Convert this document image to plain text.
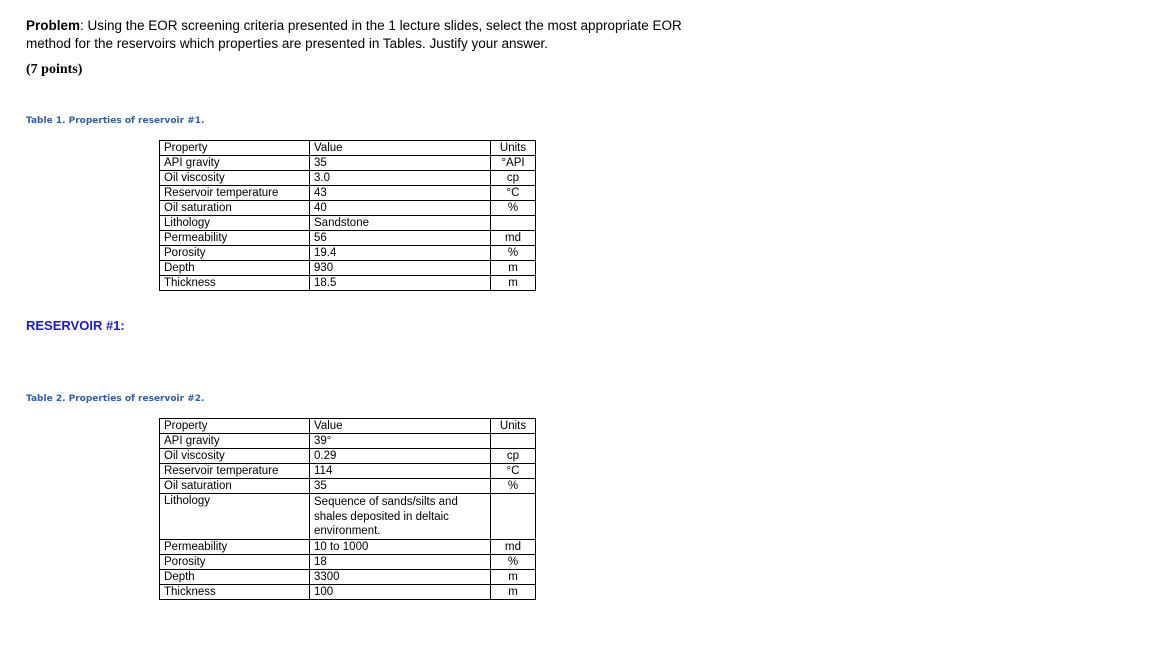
Problem: Using the EOR screening criteria presented in the 1 lecture slides, select the most appropriate EOR method for the reservoirs which properties are presented in Tables. Justify your answer.
(7 points)
Table 1. Properties of reservoir #1.
Property	Value	Units
API gravity	35	°API
Oil viscosity	3.0	cp
Reservoir temperature	43	°C
Oil saturation	40	%
Lithology	Sandstone	
Permeability	56	md
Porosity	19.4	%
Depth	930	m
Thickness	18.5	m
RESERVOIR #1:
Table 2. Properties of reservoir #2.
Property	Value	Units
API gravity	39°	
Oil viscosity	0.29	cp
Reservoir temperature	114	°C
Oil saturation	35	%
Lithology	Sequence of sands/silts and shales deposited in deltaic environment.	
Permeability	10 to 1000	md
Porosity	18	%
Depth	3300	m
Thickness	100	m
